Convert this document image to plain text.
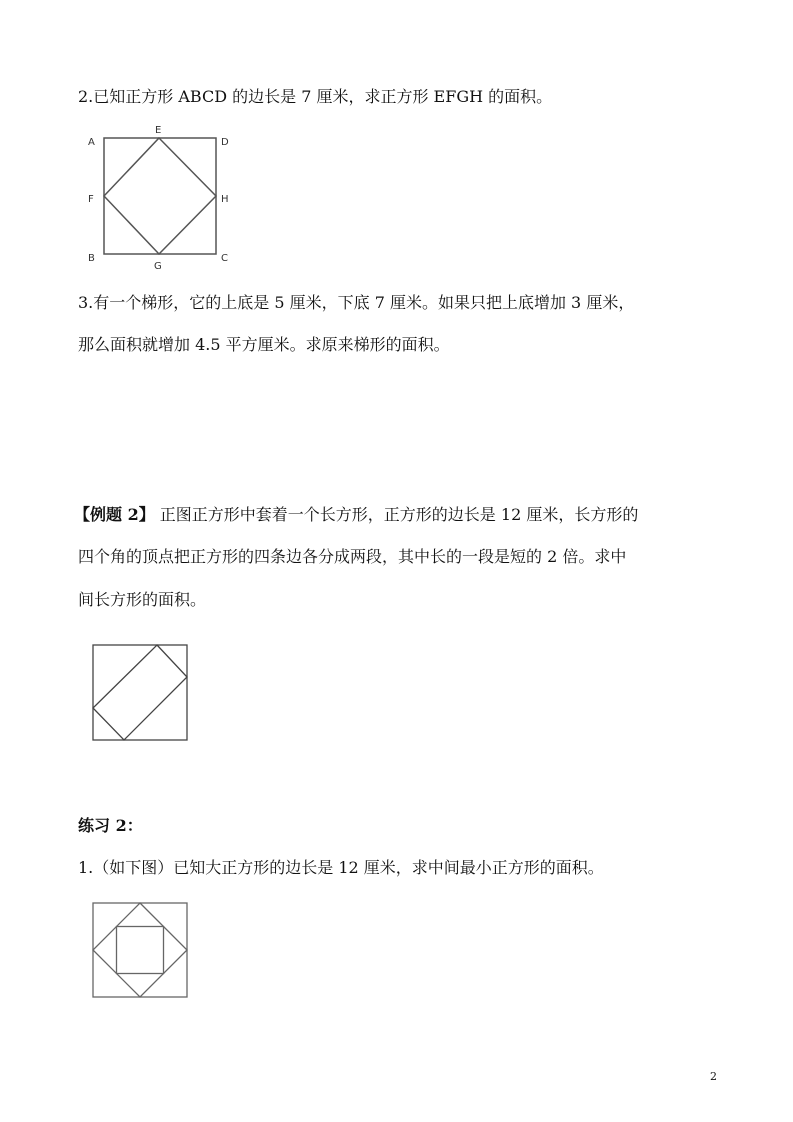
2.已知正方形 ABCD 的边长是 7 厘米，求正方形 EFGH 的面积。
A
E
D
F	H
B
G
C
3.有一个梯形，它的上底是 5 厘米，下底 7 厘米。如果只把上底增加 3 厘米，
那么面积就增加 4.5 平方厘米。求原来梯形的面积。
【例题 2】 正图正方形中套着一个长方形，正方形的边长是 12 厘米，长方形的
四个角的顶点把正方形的四条边各分成两段，其中长的一段是短的 2 倍。求中
间长方形的面积。
练习 2：
1.（如下图）已知大正方形的边长是 12 厘米，求中间最小正方形的面积。
2
